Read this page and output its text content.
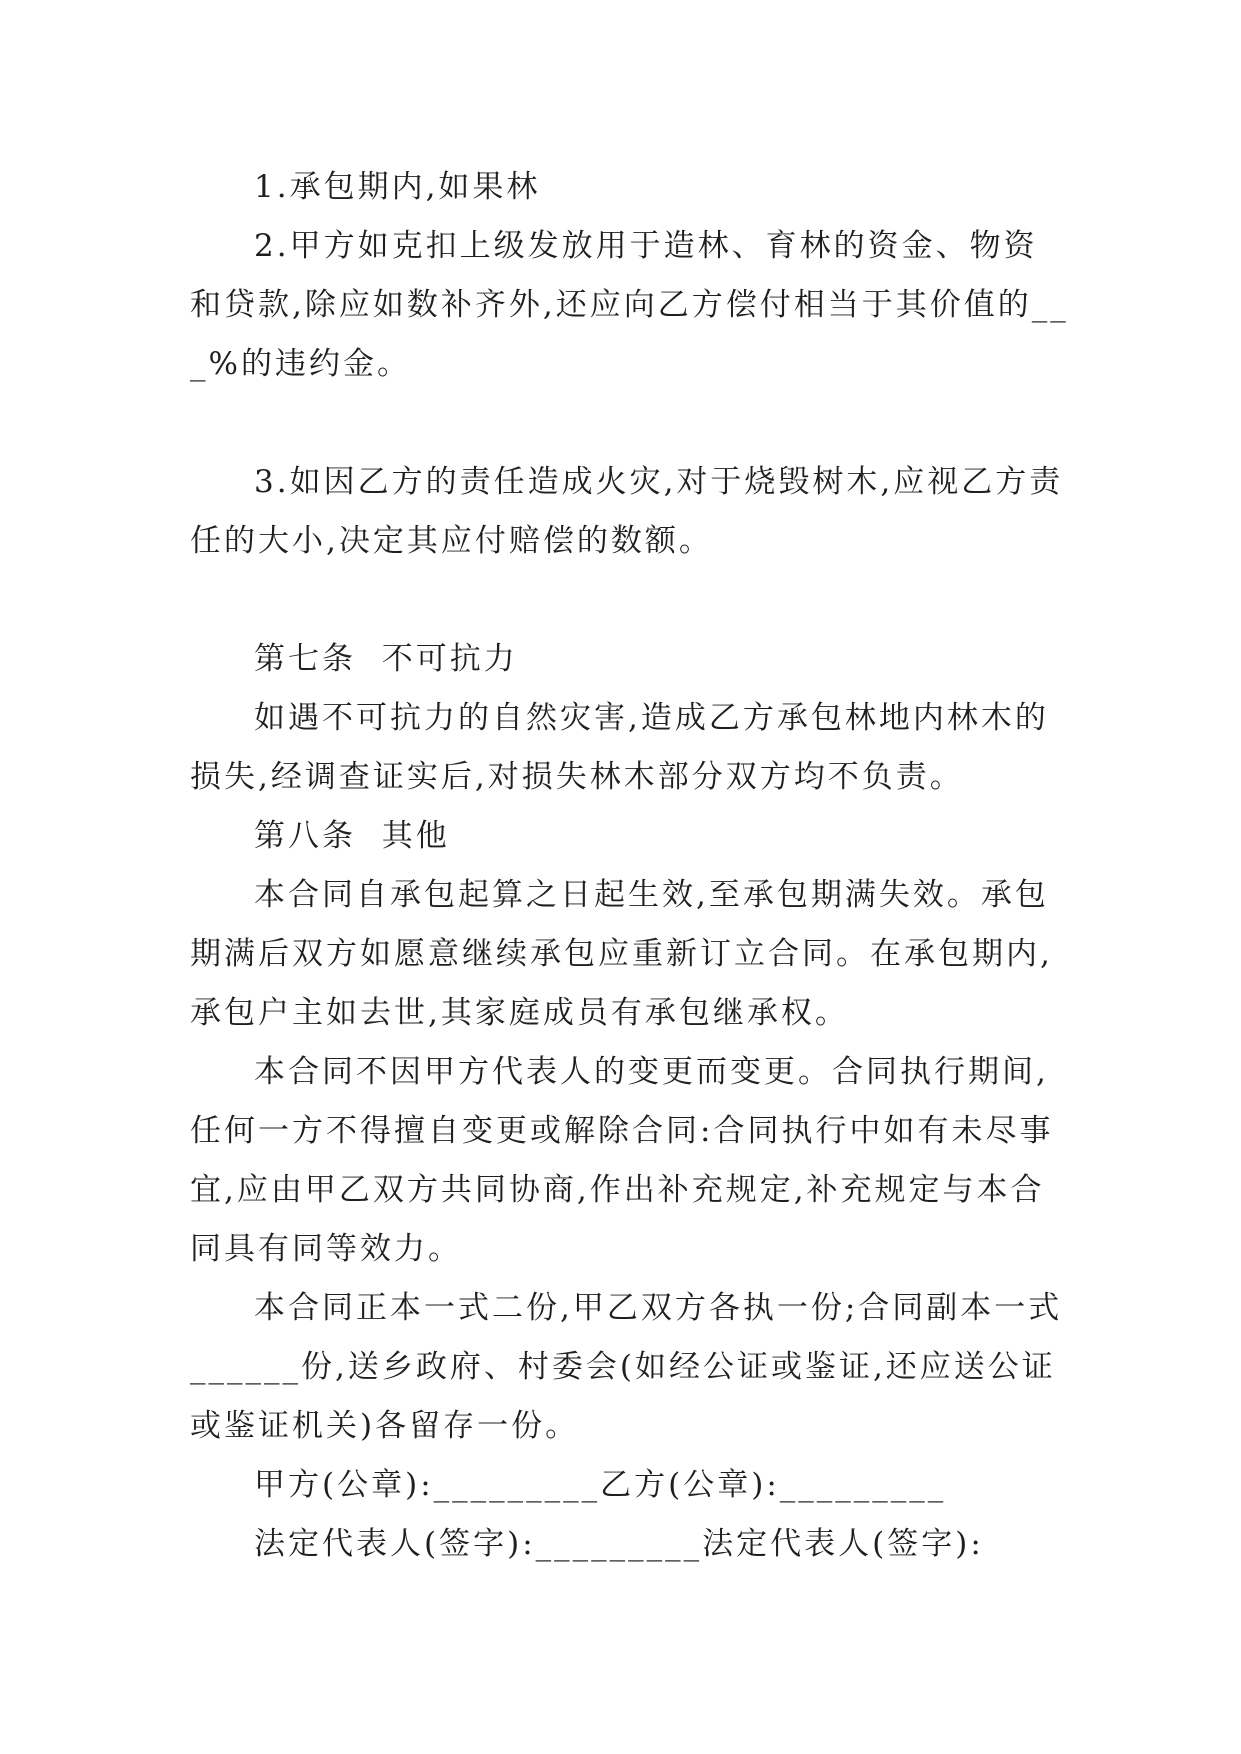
1.承包期内,如果林

2.甲方如克扣上级发放用于造林、育林的资金、物资和贷款,除应如数补齐外,还应向乙方偿付相当于其价值的___%的违约金。

3.如因乙方的责任造成火灾,对于烧毁树木,应视乙方责任的大小,决定其应付赔偿的数额。

第七条  不可抗力

如遇不可抗力的自然灾害,造成乙方承包林地内林木的损失,经调查证实后,对损失林木部分双方均不负责。

第八条  其他

本合同自承包起算之日起生效,至承包期满失效。承包期满后双方如愿意继续承包应重新订立合同。在承包期内,承包户主如去世,其家庭成员有承包继承权。

本合同不因甲方代表人的变更而变更。合同执行期间,任何一方不得擅自变更或解除合同:合同执行中如有未尽事宜,应由甲乙双方共同协商,作出补充规定,补充规定与本合同具有同等效力。

本合同正本一式二份,甲乙双方各执一份;合同副本一式______份,送乡政府、村委会(如经公证或鉴证,还应送公证或鉴证机关)各留存一份。

甲方(公章):_________乙方(公章):_________

法定代表人(签字):_________法定代表人(签字):
